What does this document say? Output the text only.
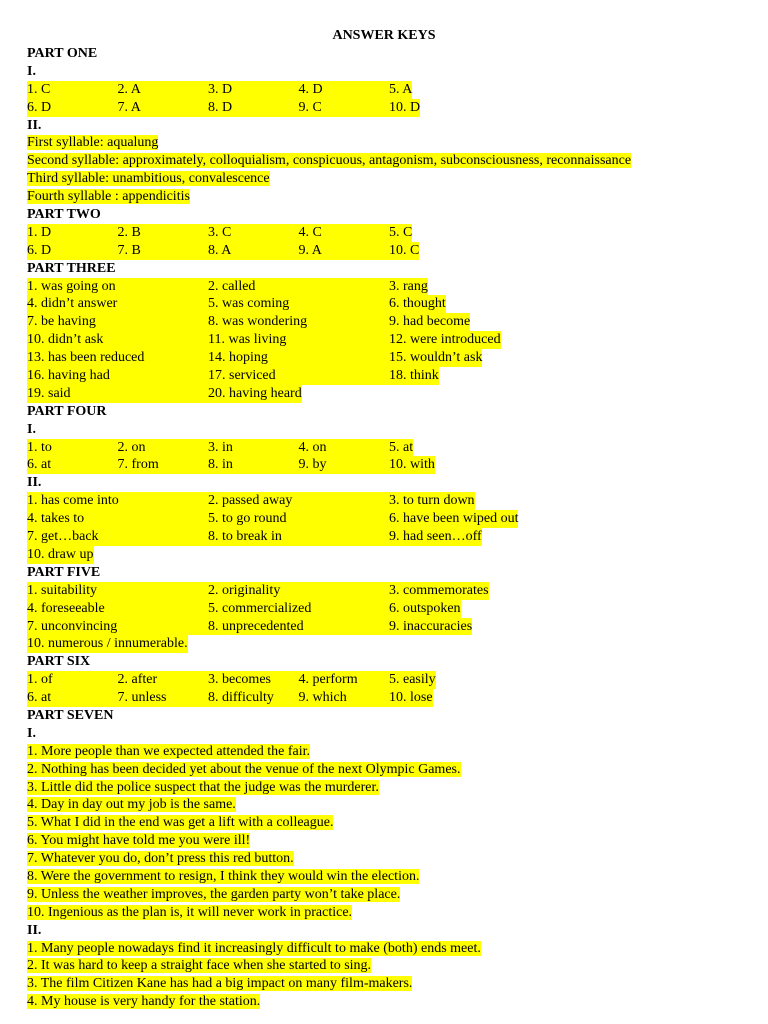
ANSWER KEYS
PART ONE
I.
1. C	2. A	3. D	4. D	5. A
6. D	7. A	8. D	9. C	10. D
II.
First syllable: aqualung
Second syllable: approximately, colloquialism, conspicuous, antagonism, subconsciousness, reconnaissance
Third syllable: unambitious, convalescence
Fourth syllable : appendicitis
PART TWO
1. D	2. B	3. C	4. C	5. C
6. D	7. B	8. A	9. A	10. C
PART THREE
1. was going on	2. called	3. rang
4. didn’t answer	5. was coming	6. thought
7. be having	8. was wondering	9. had become
10. didn’t ask	11. was living	12. were introduced
13. has been reduced	14. hoping	15. wouldn’t ask
16. having had	17. serviced	18. think
19. said	20. having heard
PART FOUR
I.
1. to	2. on	3. in	4. on	5. at
6. at	7. from	8. in	9. by	10. with
II.
1. has come into	2. passed away	3. to turn down
4. takes to	5. to go round	6. have been wiped out
7. get…back	8. to break in	9. had seen…off
10. draw up
PART FIVE
1. suitability	2. originality	3. commemorates
4. foreseeable	5. commercialized	6. outspoken
7. unconvincing	8. unprecedented	9. inaccuracies
10. numerous / innumerable.
PART SIX
1. of	2. after	3. becomes	4. perform	5. easily
6. at	7. unless	8. difficulty	9. which	10. lose
PART SEVEN
I.
1. More people than we expected attended the fair.
2. Nothing has been decided yet about the venue of the next Olympic Games.
3. Little did the police suspect that the judge was the murderer.
4. Day in day out my job is the same.
5. What I did in the end was get a lift with a colleague.
6. You might have told me you were ill!
7. Whatever you do, don’t press this red button.
8. Were the government to resign, I think they would win the election.
9. Unless the weather improves, the garden party won’t take place.
10. Ingenious as the plan is, it will never work in practice.
II.
1. Many people nowadays find it increasingly difficult to make (both) ends meet.
2. It was hard to keep a straight face when she started to sing.
3. The film Citizen Kane has had a big impact on many film-makers.
4. My house is very handy for the station.
